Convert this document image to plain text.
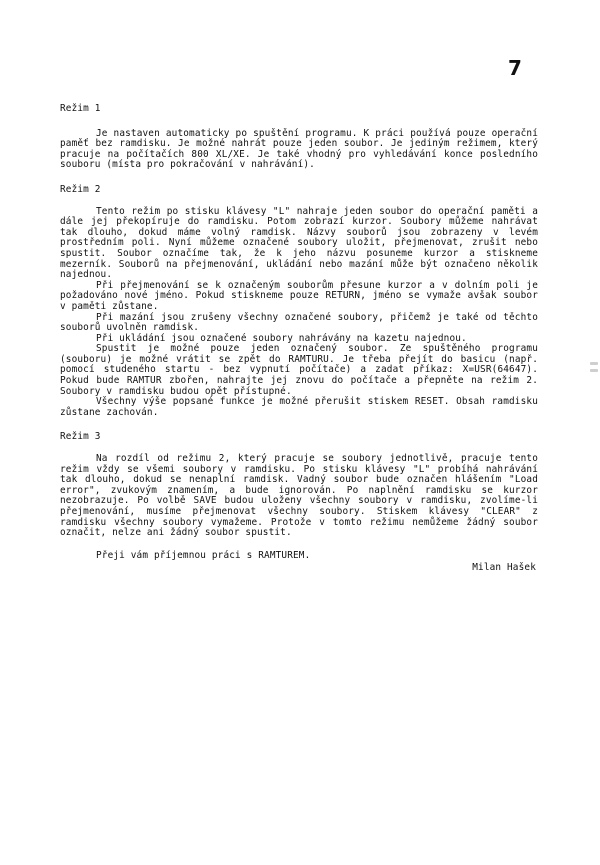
7
Režim 1

Je nastaven automaticky po spuštění programu. K práci používá pouze operační paměť bez ramdisku. Je možné nahrát pouze jeden soubor. Je jediným režimem, který pracuje na počítačích 800 XL/XE. Je také vhodný pro vyhledávání konce posledního souboru (místa pro pokračování v nahrávání).

Režim 2

Tento režim po stisku klávesy "L" nahraje jeden soubor do operační paměti a dále jej překopíruje do ramdisku. Potom zobrazí kurzor. Soubory můžeme nahrávat tak dlouho, dokud máme volný ramdisk. Názvy souborů jsou zobrazeny v levém prostředním poli. Nyní můžeme označené soubory uložit, přejmenovat, zrušit nebo spustit. Soubor označíme tak, že k jeho názvu posuneme kurzor a stiskneme mezerník. Souborů na přejmenování, ukládání nebo mazání může být označeno několik najednou.

Při přejmenování se k označeným souborům přesune kurzor a v dolním poli je požadováno nové jméno. Pokud stiskneme pouze RETURN, jméno se vymaže avšak soubor v paměti zůstane.

Při mazání jsou zrušeny všechny označené soubory, přičemž je také od těchto souborů uvolněn ramdisk.

Při ukládání jsou označené soubory nahrávány na kazetu najednou.

Spustit je možné pouze jeden označený soubor. Ze spuštěného programu (souboru) je možné vrátit se zpět do RAMTURU. Je třeba přejít do basicu (např. pomocí studeného startu - bez vypnutí počítače) a zadat příkaz: X=USR(64647). Pokud bude RAMTUR zbořen, nahrajte jej znovu do počítače a přepněte na režim 2. Soubory v ramdisku budou opět přístupné.

Všechny výše popsané funkce je možné přerušit stiskem RESET. Obsah ramdisku zůstane zachován.

Režim 3

Na rozdíl od režimu 2, který pracuje se soubory jednotlivě, pracuje tento režim vždy se všemi soubory v ramdisku. Po stisku klávesy "L" probíhá nahrávání tak dlouho, dokud se nenaplní ramdisk. Vadný soubor bude označen hlášením "Load error", zvukovým znamením, a bude ignorován. Po naplnění ramdisku se kurzor nezobrazuje. Po volbě SAVE budou uloženy všechny soubory v ramdisku, zvolíme-li přejmenování, musíme přejmenovat všechny soubory. Stiskem klávesy "CLEAR" z ramdisku všechny soubory vymažeme. Protože v tomto režimu nemůžeme žádný soubor označit, nelze ani žádný soubor spustit.

Přeji vám příjemnou práci s RAMTUREM.

Milan Hašek
